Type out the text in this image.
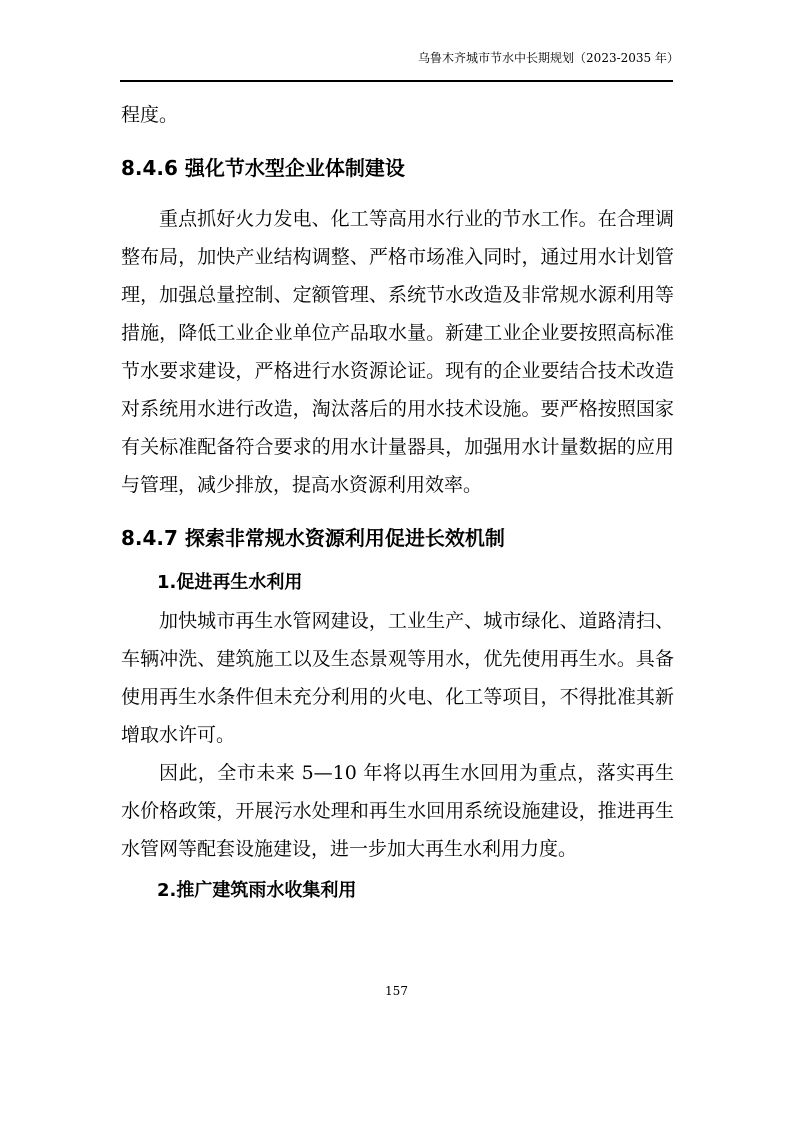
乌鲁木齐城市节水中长期规划（2023-2035 年）

程度。

8.4.6 强化节水型企业体制建设

重点抓好火力发电、化工等高用水行业的节水工作。在合理调整布局，加快产业结构调整、严格市场准入同时，通过用水计划管理，加强总量控制、定额管理、系统节水改造及非常规水源利用等措施，降低工业企业单位产品取水量。新建工业企业要按照高标准节水要求建设，严格进行水资源论证。现有的企业要结合技术改造对系统用水进行改造，淘汰落后的用水技术设施。要严格按照国家有关标准配备符合要求的用水计量器具，加强用水计量数据的应用与管理，减少排放，提高水资源利用效率。

8.4.7 探索非常规水资源利用促进长效机制
1.促进再生水利用

加快城市再生水管网建设，工业生产、城市绿化、道路清扫、车辆冲洗、建筑施工以及生态景观等用水，优先使用再生水。具备使用再生水条件但未充分利用的火电、化工等项目，不得批准其新增取水许可。

因此，全市未来 5—10 年将以再生水回用为重点，落实再生水价格政策，开展污水处理和再生水回用系统设施建设，推进再生水管网等配套设施建设，进一步加大再生水利用力度。

2.推广建筑雨水收集利用
157
